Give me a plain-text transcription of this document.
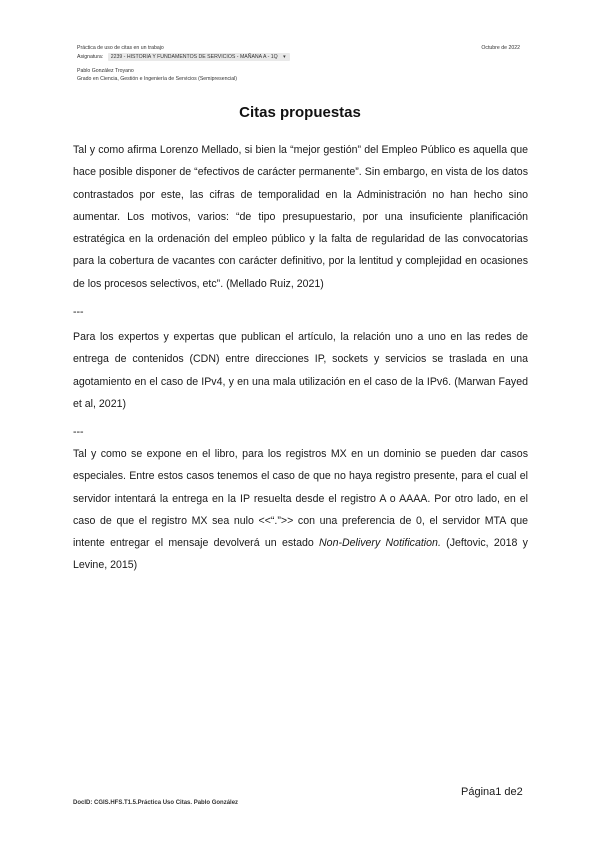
Práctica de uso de citas en un trabajo	Octubre de 2022
Asignatura: 2239 - HISTORIA Y FUNDAMENTOS DE SERVICIOS - MAÑANA A - 1Q ▾
Pablo González Troyano
Grado en Ciencia, Gestión e Ingeniería de Servicios (Semipresencial)
Citas propuestas

Tal y como afirma Lorenzo Mellado, si bien la “mejor gestión” del Empleo Público es aquella que hace posible disponer de “efectivos de carácter permanente”. Sin embargo, en vista de los datos contrastados por este, las cifras de temporalidad en la Administración no han hecho sino aumentar. Los motivos, varios: “de tipo presupuestario, por una insuficiente planificación estratégica en la ordenación del empleo público y la falta de regularidad de las convocatorias para la cobertura de vacantes con carácter definitivo, por la lentitud y complejidad en ocasiones de los procesos selectivos, etc”. (Mellado Ruiz, 2021)

---

Para los expertos y expertas que publican el artículo, la relación uno a uno en las redes de entrega de contenidos (CDN) entre direcciones IP, sockets y servicios se traslada en una agotamiento en el caso de IPv4, y en una mala utilización en el caso de la IPv6. (Marwan Fayed et al, 2021)

---

Tal y como se expone en el libro, para los registros MX en un dominio se pueden dar casos especiales. Entre estos casos tenemos el caso de que no haya registro presente, para el cual el servidor intentará la entrega en la IP resuelta desde el registro A o AAAA. Por otro lado, en el caso de que el registro MX sea nulo <<“.”>> con una preferencia de 0, el servidor MTA que intente entregar el mensaje devolverá un estado Non-Delivery Notification. (Jeftovic, 2018 y Levine, 2015)

Página1 de2
DocID: CGIS.HFS.T1.5.Práctica Uso Citas. Pablo González
